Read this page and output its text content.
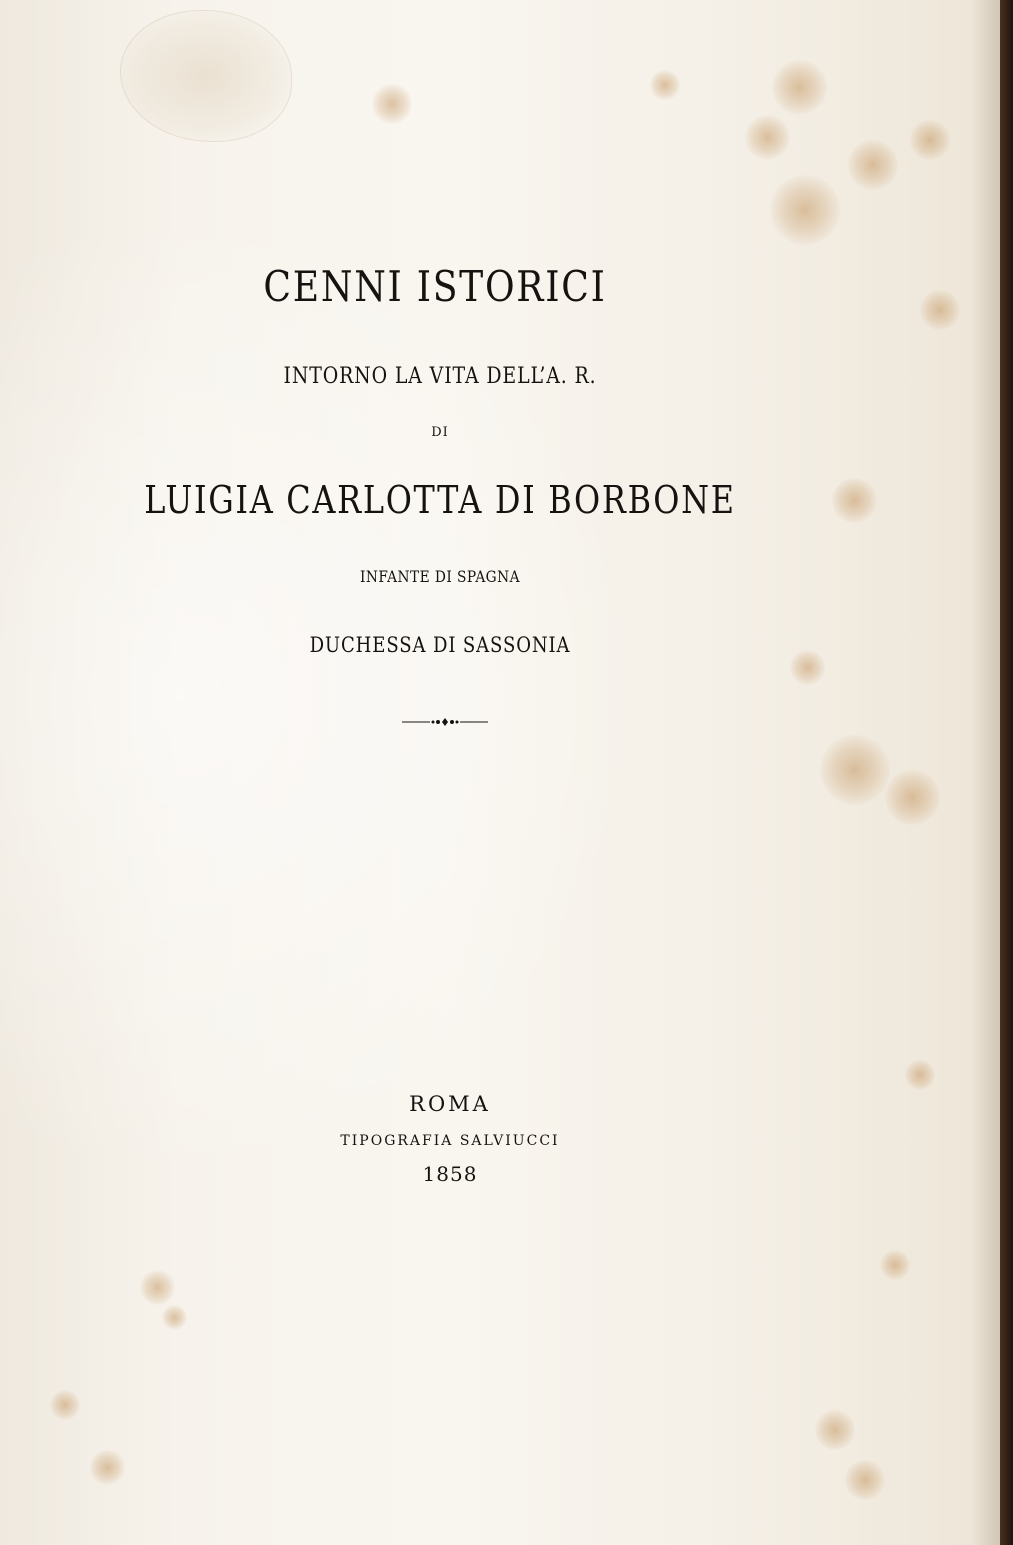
CENNI ISTORICI
INTORNO LA VITA DELL’A. R.
DI
LUIGIA CARLOTTA DI BORBONE
INFANTE DI SPAGNA
DUCHESSA DI SASSONIA
ROMA
TIPOGRAFIA SALVIUCCI
1858
